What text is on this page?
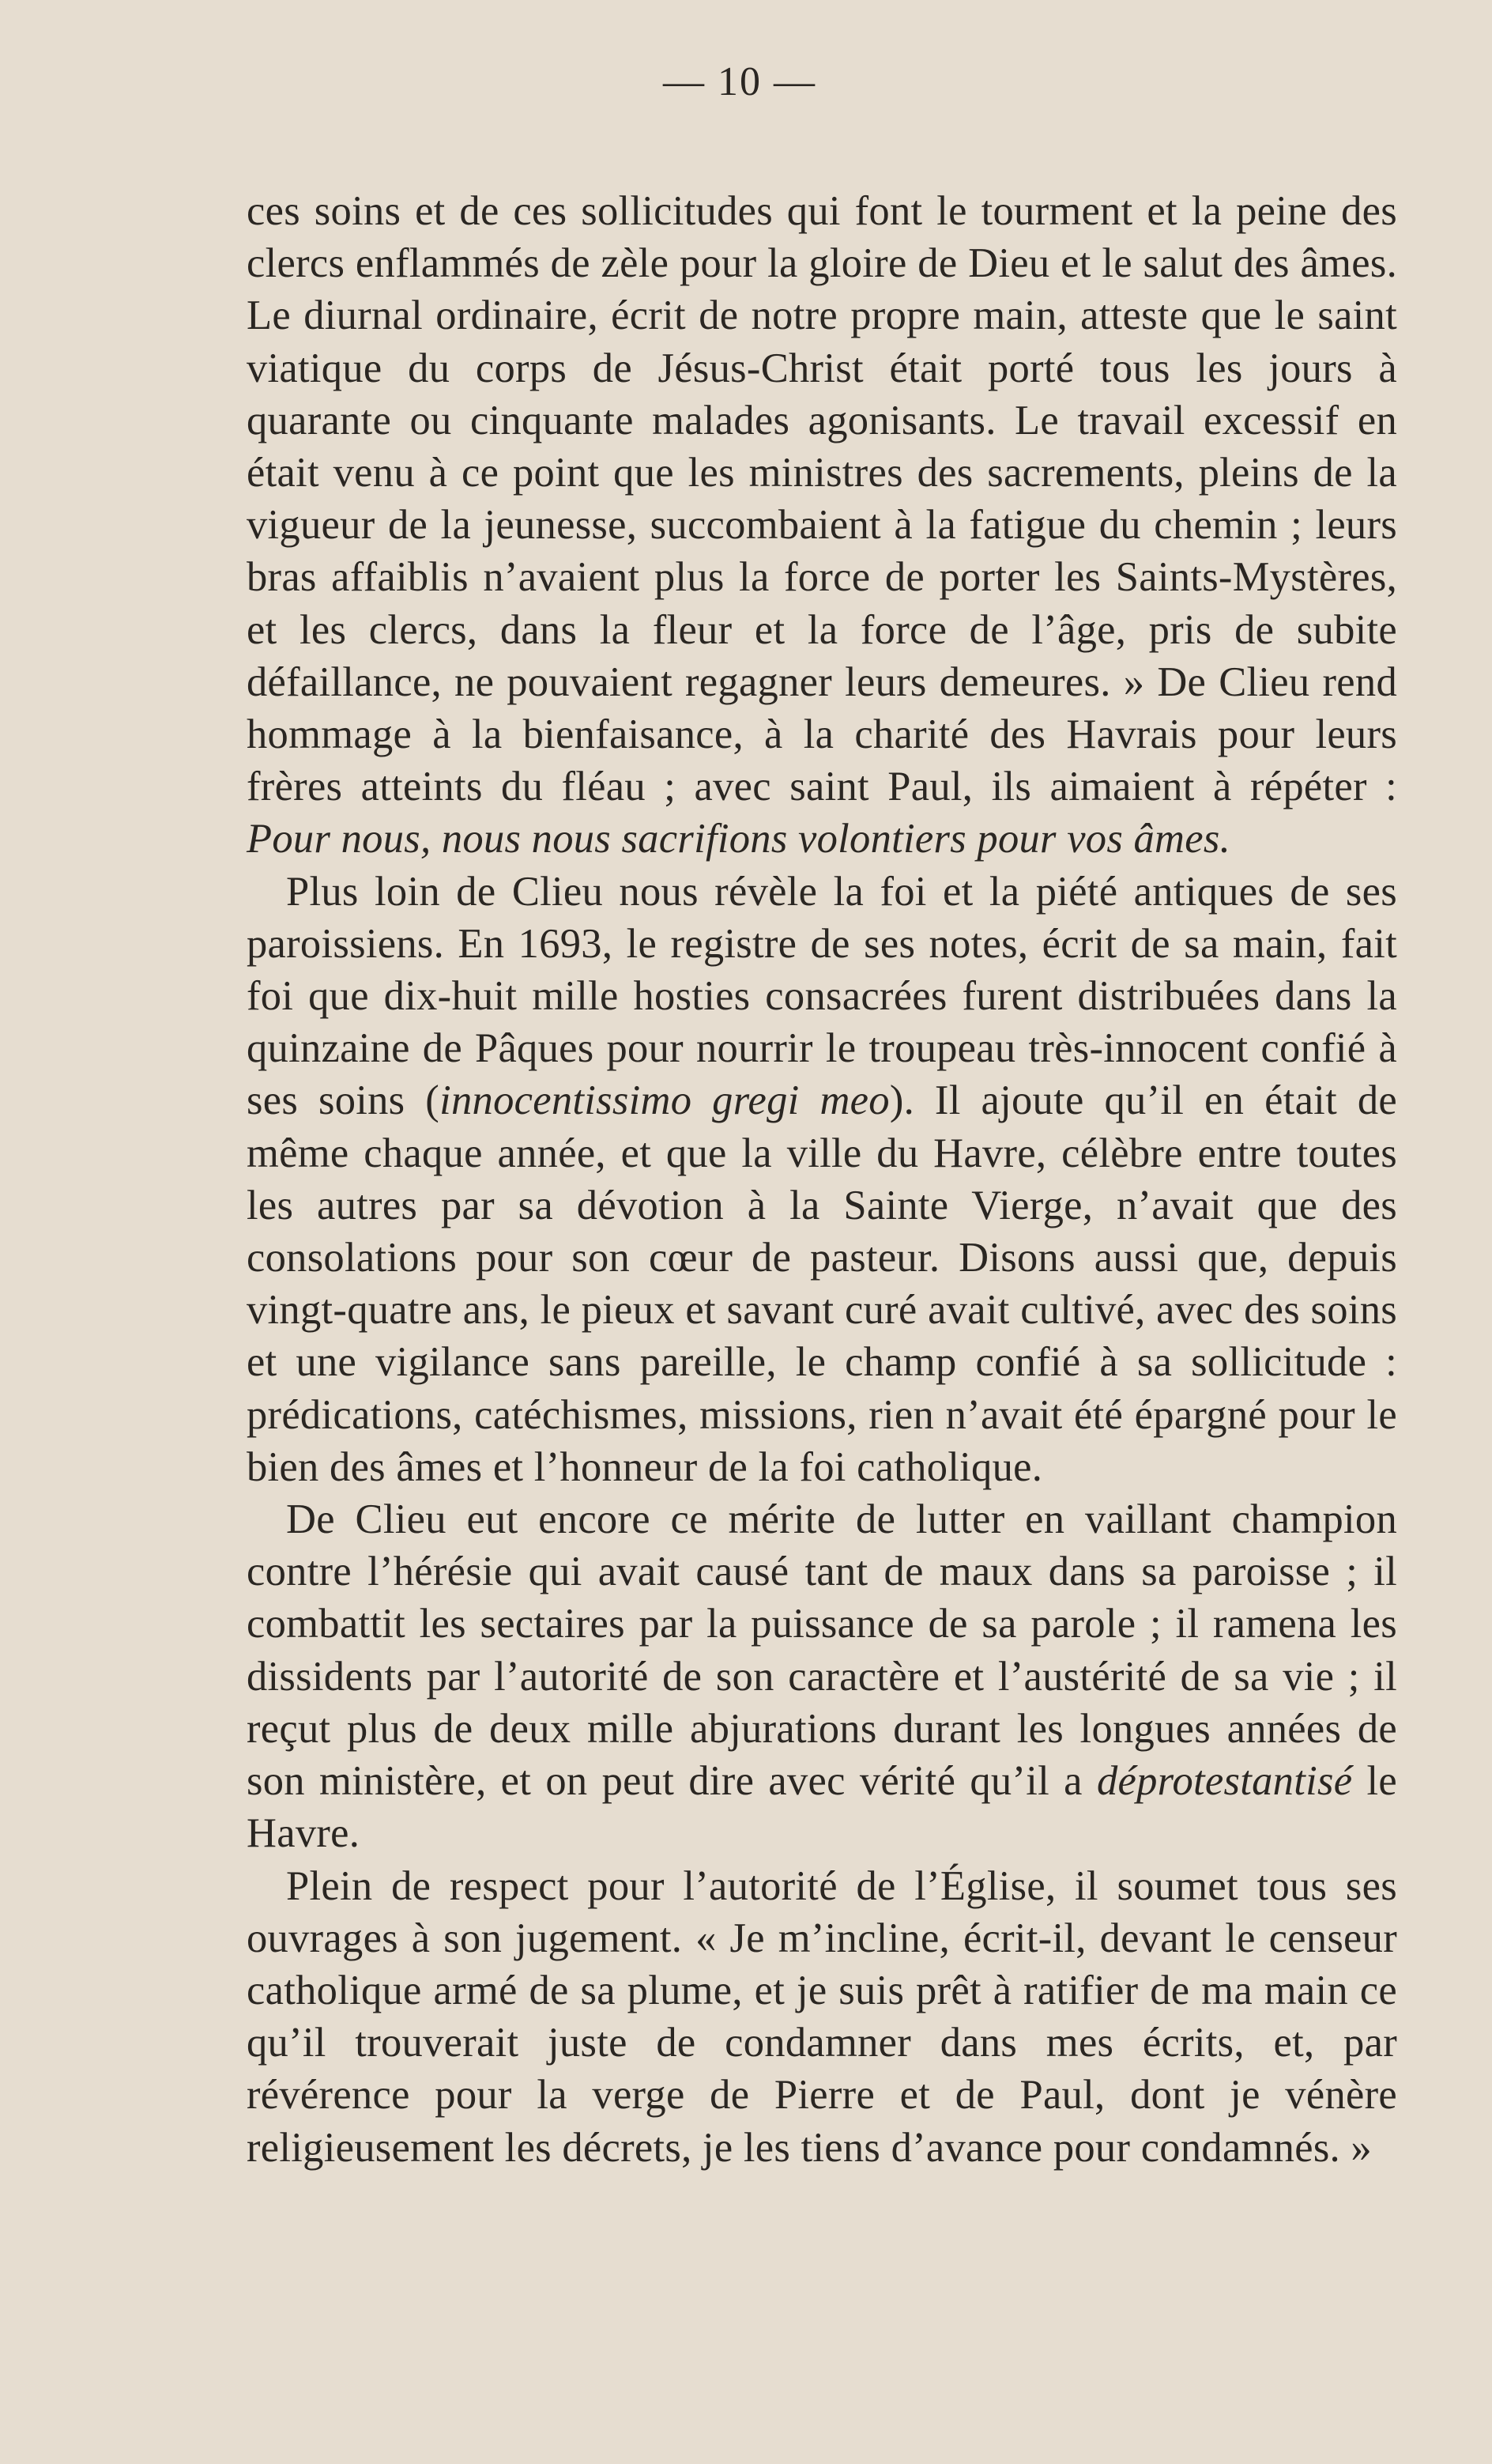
— 10 —

ces soins et de ces sollicitudes qui font le tourment et la peine des clercs enflammés de zèle pour la gloire de Dieu et le salut des âmes. Le diurnal ordinaire, écrit de notre propre main, atteste que le saint viatique du corps de Jésus-Christ était porté tous les jours à quarante ou cinquante malades agonisants. Le travail excessif en était venu à ce point que les ministres des sacrements, pleins de la vigueur de la jeunesse, succombaient à la fatigue du chemin ; leurs bras affaiblis n’avaient plus la force de porter les Saints-Mystères, et les clercs, dans la fleur et la force de l’âge, pris de subite défaillance, ne pouvaient regagner leurs demeures. » De Clieu rend hommage à la bienfaisance, à la charité des Havrais pour leurs frères atteints du fléau ; avec saint Paul, ils aimaient à répéter : Pour nous, nous nous sacrifions volontiers pour vos âmes.

Plus loin de Clieu nous révèle la foi et la piété antiques de ses paroissiens. En 1693, le registre de ses notes, écrit de sa main, fait foi que dix-huit mille hosties consacrées furent distribuées dans la quinzaine de Pâques pour nourrir le troupeau très-innocent confié à ses soins (innocentissimo gregi meo). Il ajoute qu’il en était de même chaque année, et que la ville du Havre, célèbre entre toutes les autres par sa dévotion à la Sainte Vierge, n’avait que des consolations pour son cœur de pasteur. Disons aussi que, depuis vingt-quatre ans, le pieux et savant curé avait cultivé, avec des soins et une vigilance sans pareille, le champ confié à sa sollicitude : prédications, catéchismes, missions, rien n’avait été épargné pour le bien des âmes et l’honneur de la foi catholique.

De Clieu eut encore ce mérite de lutter en vaillant champion contre l’hérésie qui avait causé tant de maux dans sa paroisse ; il combattit les sectaires par la puissance de sa parole ; il ramena les dissidents par l’autorité de son caractère et l’austérité de sa vie ; il reçut plus de deux mille abjurations durant les longues années de son ministère, et on peut dire avec vérité qu’il a déprotestantisé le Havre.

Plein de respect pour l’autorité de l’Église, il soumet tous ses ouvrages à son jugement. « Je m’incline, écrit-il, devant le censeur catholique armé de sa plume, et je suis prêt à ratifier de ma main ce qu’il trouverait juste de condamner dans mes écrits, et, par révérence pour la verge de Pierre et de Paul, dont je vénère religieusement les décrets, je les tiens d’avance pour condamnés. »
